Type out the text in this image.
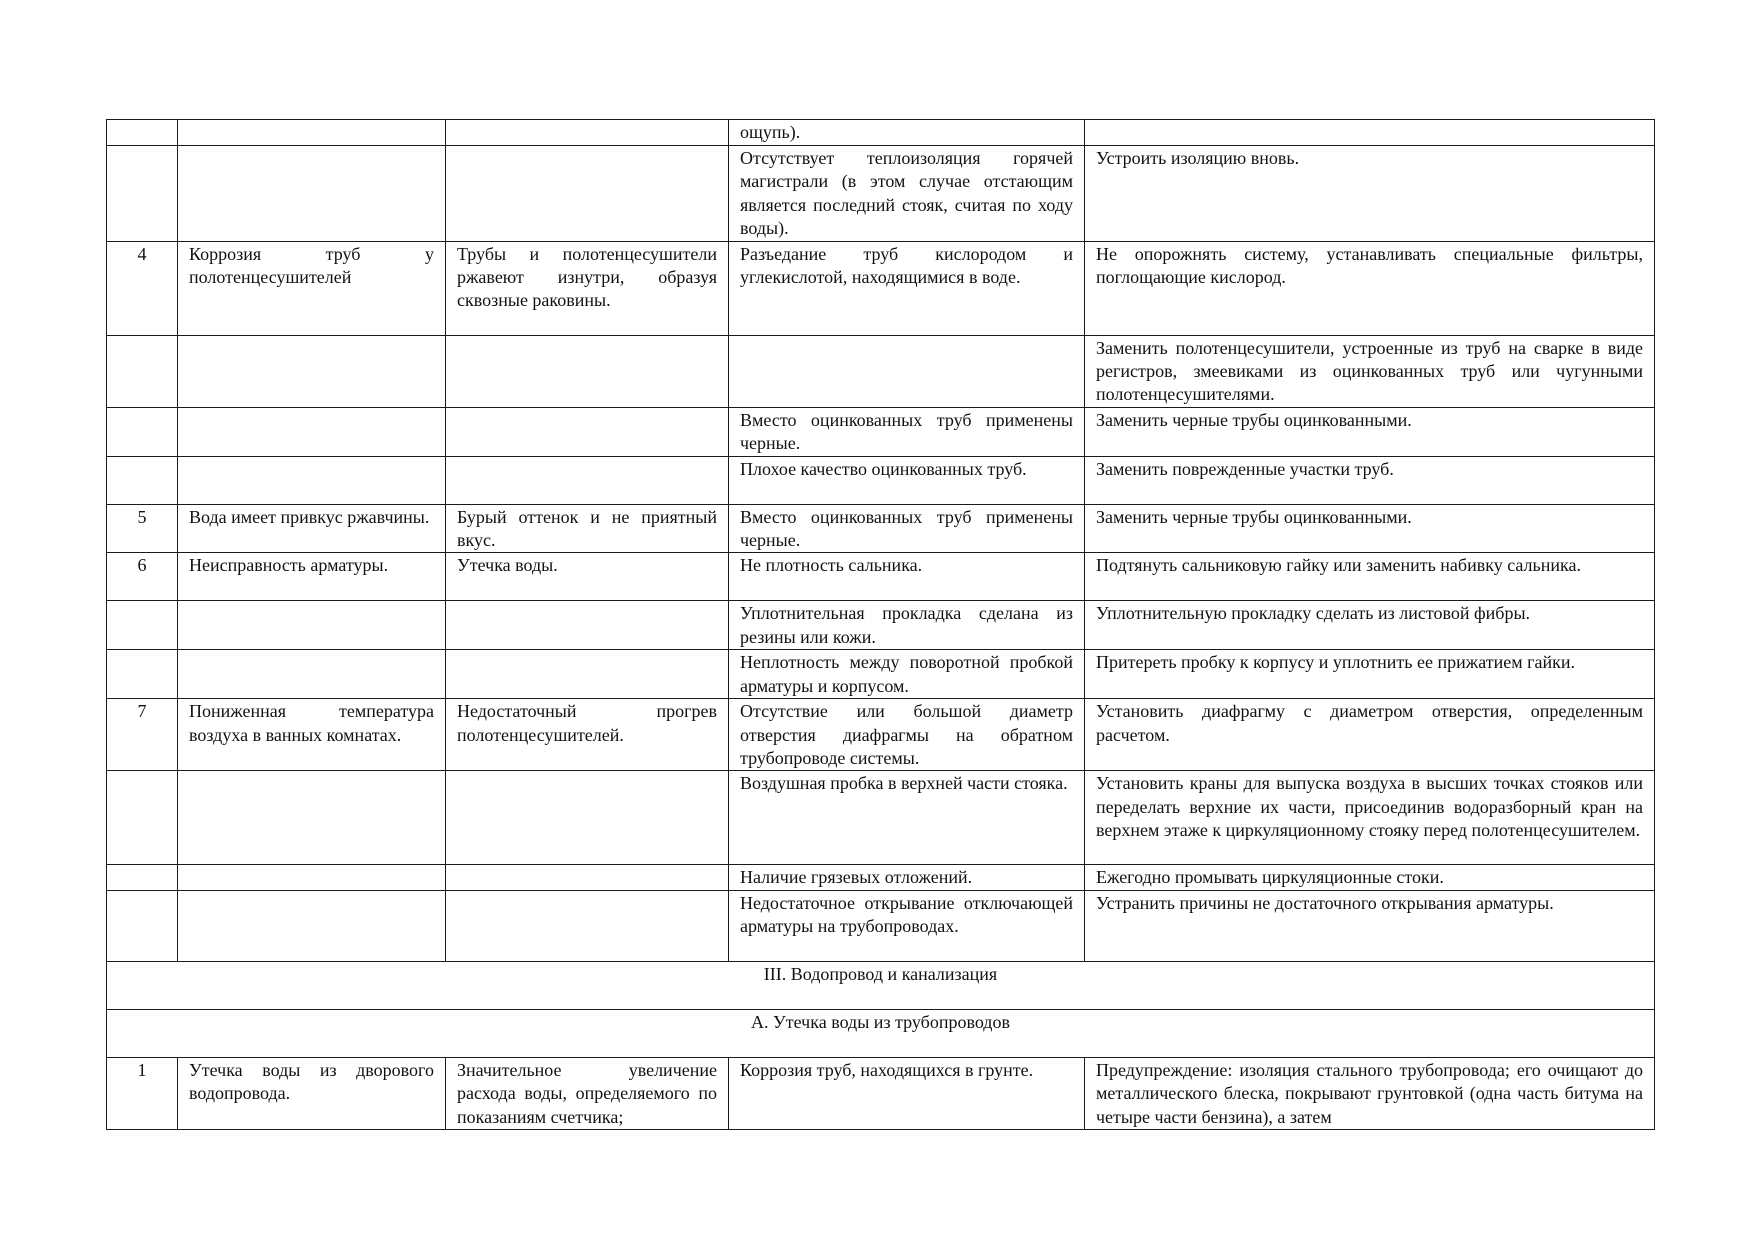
			ощупь).	
			Отсутствует теплоизоляция горячей магистрали (в этом случае отстающим является последний стояк, считая по ходу воды).	Устроить изоляцию вновь.
4	Коррозия труб у полотенцесушителей	Трубы и полотенцесушители ржавеют изнутри, образуя сквозные раковины.	Разъедание труб кислородом и углекислотой, находящимися в воде.	Не опорожнять систему, устанавливать специальные фильтры, поглощающие кислород.
				Заменить полотенцесушители, устроенные из труб на сварке в виде регистров, змеевиками из оцинкованных труб или чугунными полотенцесушителями.
			Вместо оцинкованных труб применены черные.	Заменить черные трубы оцинкованными.
			Плохое качество оцинкованных труб.	Заменить поврежденные участки труб.
5	Вода имеет привкус ржавчины.	Бурый оттенок и не приятный вкус.	Вместо оцинкованных труб применены черные.	Заменить черные трубы оцинкованными.
6	Неисправность арматуры.	Утечка воды.	Не плотность сальника.	Подтянуть сальниковую гайку или заменить набивку сальника.
			Уплотнительная прокладка сделана из резины или кожи.	Уплотнительную прокладку сделать из листовой фибры.
			Неплотность между поворотной пробкой арматуры и корпусом.	Притереть пробку к корпусу и уплотнить ее прижатием гайки.
7	Пониженная температура воздуха в ванных комнатах.	Недостаточный прогрев полотенцесушителей.	Отсутствие или большой диаметр отверстия диафрагмы на обратном трубопроводе системы.	Установить диафрагму с диаметром отверстия, определенным расчетом.
			Воздушная пробка в верхней части стояка.	Установить краны для выпуска воздуха в высших точках стояков или переделать верхние их части, присоединив водоразборный кран на верхнем этаже к циркуляционному стояку перед полотенцесушителем.
			Наличие грязевых отложений.	Ежегодно промывать циркуляционные стоки.
			Недостаточное открывание отключающей арматуры на трубопроводах.	Устранить причины не достаточного открывания арматуры.
III. Водопровод и канализация				
А. Утечка воды из трубопроводов				
1	Утечка воды из дворового водопровода.	Значительное увеличение расхода воды, определяемого по показаниям счетчика;	Коррозия труб, находящихся в грунте.	Предупреждение: изоляция стального трубопровода; его очищают до металлического блеска, покрывают грунтовкой (одна часть битума на четыре части бензина), а затем
